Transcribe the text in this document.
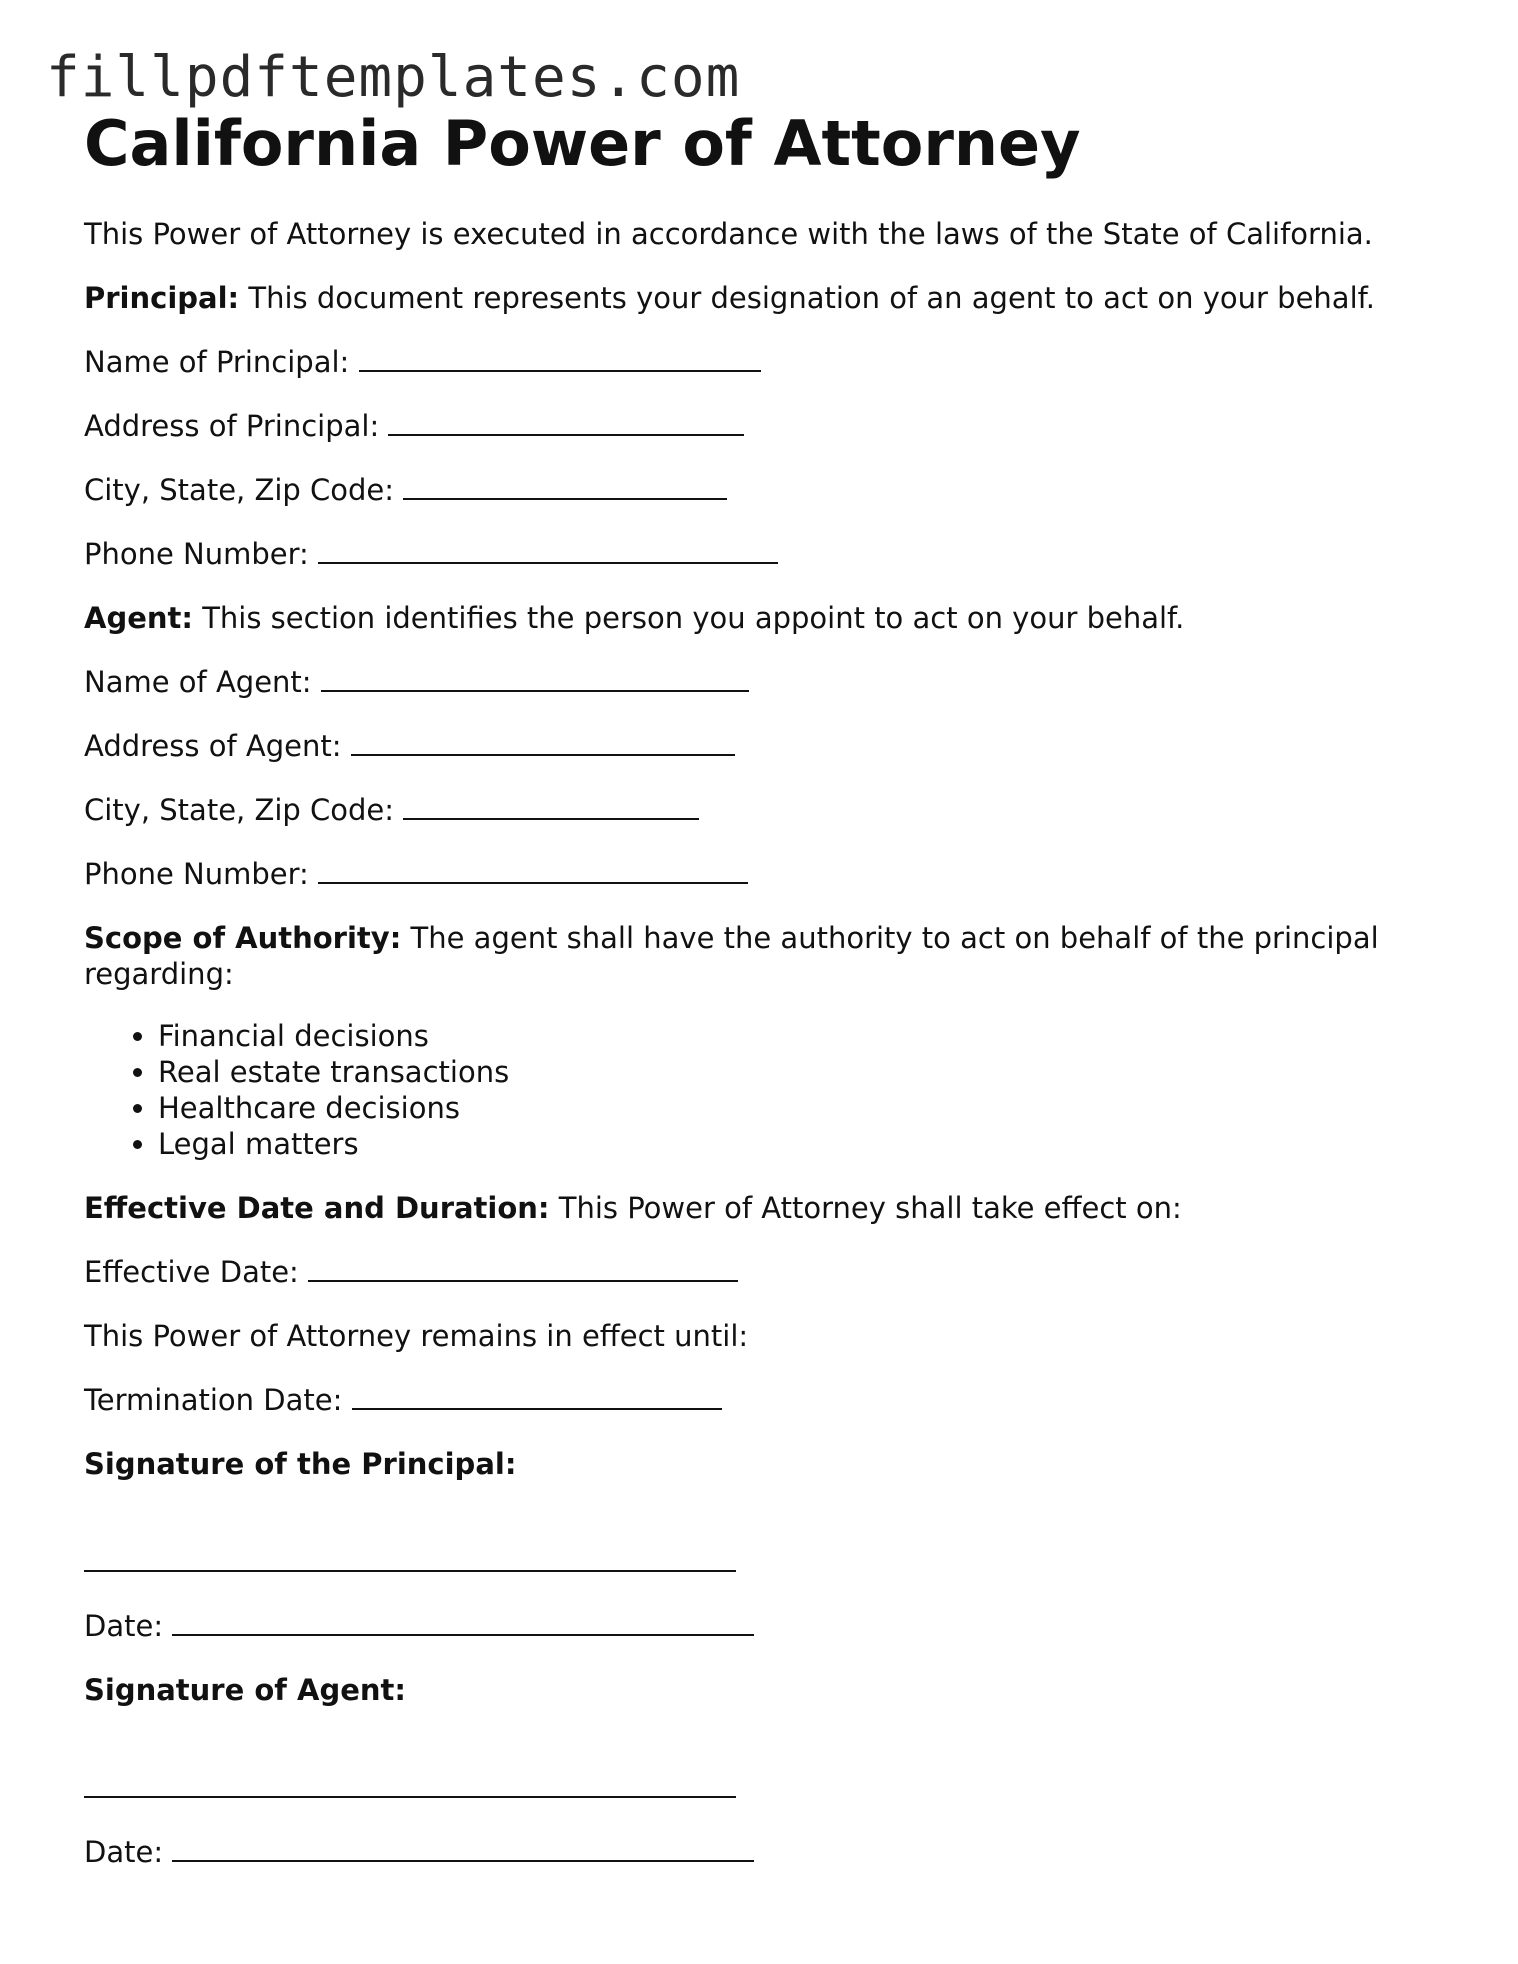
fillpdftemplates.com
California Power of Attorney

This Power of Attorney is executed in accordance with the laws of the State of California.

Principal: This document represents your designation of an agent to act on your behalf.

Name of Principal:

Address of Principal:

City, State, Zip Code:

Phone Number:

Agent: This section identifies the person you appoint to act on your behalf.

Name of Agent:

Address of Agent:

City, State, Zip Code:

Phone Number:

Scope of Authority: The agent shall have the authority to act on behalf of the principal regarding:

• Financial decisions
• Real estate transactions
• Healthcare decisions
• Legal matters

Effective Date and Duration: This Power of Attorney shall take effect on:

Effective Date:

This Power of Attorney remains in effect until:

Termination Date:

Signature of the Principal:

Date:

Signature of Agent:

Date:
